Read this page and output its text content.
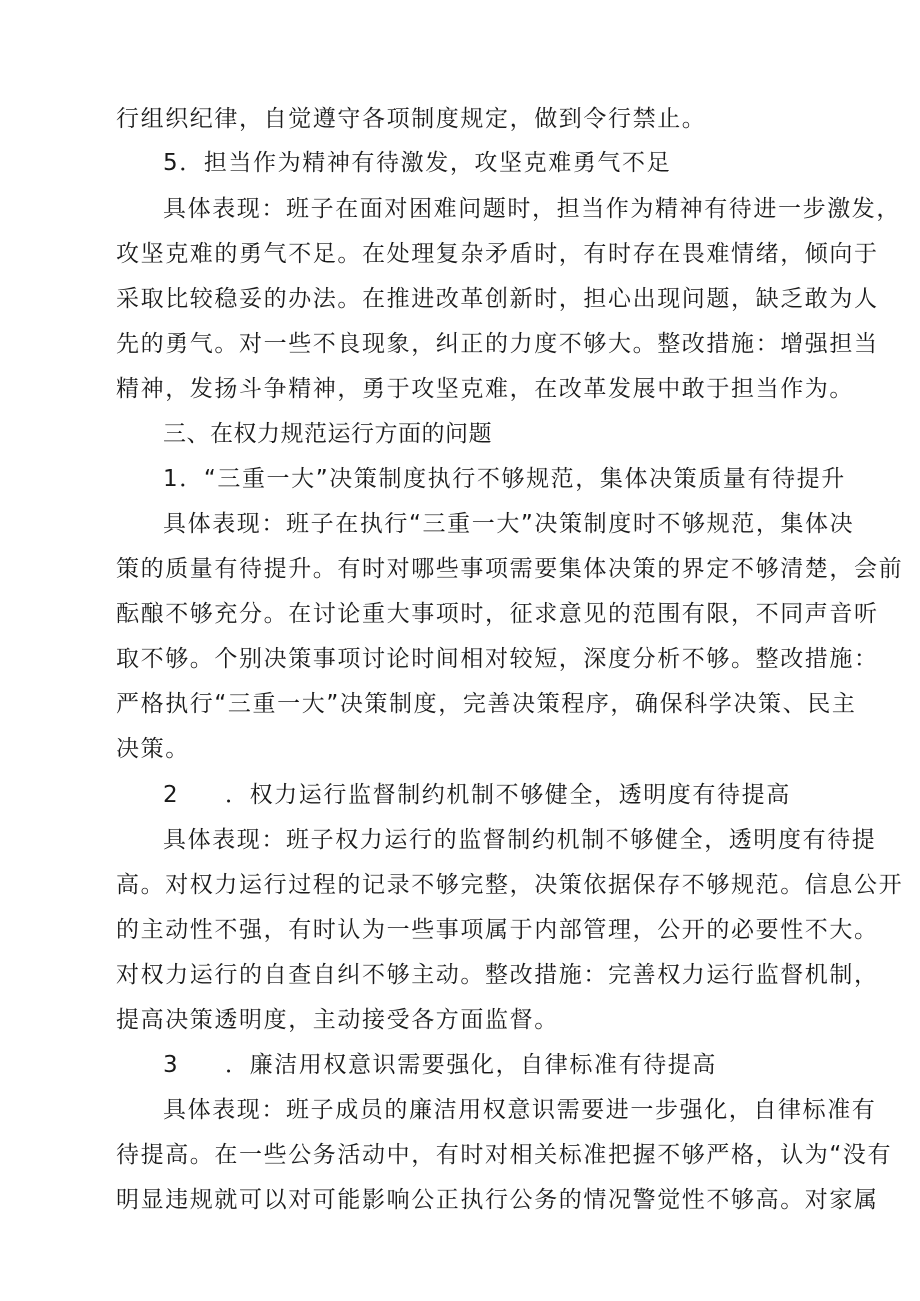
行组织纪律，自觉遵守各项制度规定，做到令行禁止。
5．担当作为精神有待激发，攻坚克难勇气不足
具体表现：班子在面对困难问题时，担当作为精神有待进一步激发，
攻坚克难的勇气不足。在处理复杂矛盾时，有时存在畏难情绪，倾向于
采取比较稳妥的办法。在推进改革创新时，担心出现问题，缺乏敢为人
先的勇气。对一些不良现象，纠正的力度不够大。整改措施：增强担当
精神，发扬斗争精神，勇于攻坚克难，在改革发展中敢于担当作为。
三、在权力规范运行方面的问题
1．“三重一大”决策制度执行不够规范，集体决策质量有待提升
具体表现：班子在执行“三重一大”决策制度时不够规范，集体决
策的质量有待提升。有时对哪些事项需要集体决策的界定不够清楚，会前
酝酿不够充分。在讨论重大事项时，征求意见的范围有限，不同声音听
取不够。个别决策事项讨论时间相对较短，深度分析不够。整改措施：
严格执行“三重一大”决策制度，完善决策程序，确保科学决策、民主
决策。
2 ．权力运行监督制约机制不够健全，透明度有待提高
具体表现：班子权力运行的监督制约机制不够健全，透明度有待提
高。对权力运行过程的记录不够完整，决策依据保存不够规范。信息公开
的主动性不强，有时认为一些事项属于内部管理，公开的必要性不大。
对权力运行的自查自纠不够主动。整改措施：完善权力运行监督机制，
提高决策透明度，主动接受各方面监督。
3 ．廉洁用权意识需要强化，自律标准有待提高
具体表现：班子成员的廉洁用权意识需要进一步强化，自律标准有
待提高。在一些公务活动中，有时对相关标准把握不够严格，认为“没有
明显违规就可以对可能影响公正执行公务的情况警觉性不够高。对家属
